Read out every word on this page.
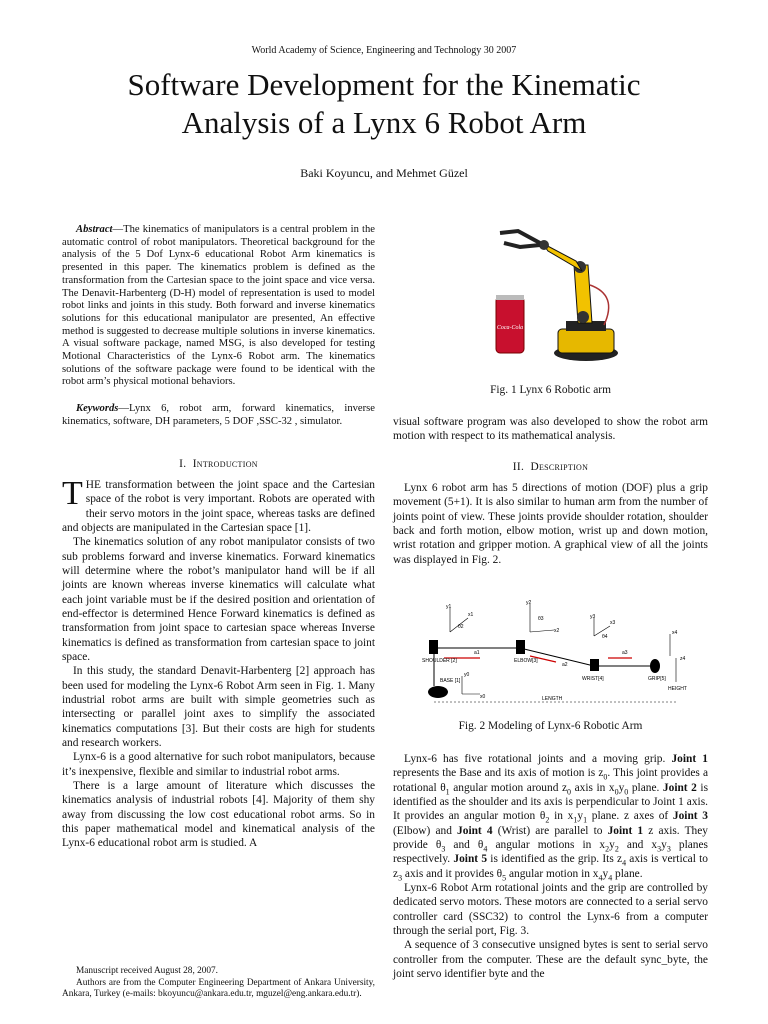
World Academy of Science, Engineering and Technology 30 2007
Software Development for the Kinematic
Analysis of a Lynx 6 Robot Arm
Baki Koyuncu, and Mehmet Güzel

Abstract—The kinematics of manipulators is a central problem in the automatic control of robot manipulators. Theoretical background for the analysis of the 5 Dof Lynx-6 educational Robot Arm kinematics is presented in this paper. The kinematics problem is defined as the transformation from the Cartesian space to the joint space and vice versa. The Denavit-Harbenterg (D-H) model of representation is used to model robot links and joints in this study. Both forward and inverse kinematics solutions for this educational manipulator are presented, An effective method is suggested to decrease multiple solutions in inverse kinematics. A visual software package, named MSG, is also developed for testing Motional Characteristics of the Lynx-6 Robot arm. The kinematics solutions of the software package were found to be identical with the robot arm’s physical motional behaviors.

Keywords—Lynx 6, robot arm, forward kinematics, inverse kinematics, software, DH parameters, 5 DOF ,SSC-32 , simulator.

I. Introduction

THE transformation between the joint space and the Cartesian space of the robot is very important. Robots are operated with their servo motors in the joint space, whereas tasks are defined and objects are manipulated in the Cartesian space [1].

The kinematics solution of any robot manipulator consists of two sub problems forward and inverse kinematics. Forward kinematics will determine where the robot’s manipulator hand will be if all joints are known whereas inverse kinematics will calculate what each joint variable must be if the desired position and orientation of end-effector is determined Hence Forward kinematics is defined as transformation from joint space to cartesian space whereas Inverse kinematics is defined as transformation from cartesian space to joint space.

In this study, the standard Denavit-Harbenterg [2] approach has been used for modeling the Lynx-6 Robot Arm seen in Fig. 1. Many industrial robot arms are built with simple geometries such as intersecting or parallel joint axes to simplify the associated kinematics computations [3]. But their costs are high for students and research workers.

Lynx-6 is a good alternative for such robot manipulators, because it’s inexpensive, flexible and similar to industrial robot arms.

There is a large amount of literature which discusses the kinematics analysis of industrial robots [4]. Majority of them shy away from discussing the low cost educational robot arms. So in this paper mathematical model and kinematical analysis of the Lynx-6 educational robot arm is studied. A

Manuscript received August 28, 2007.

Authors are from the Computer Engineering Department of Ankara University, Ankara, Turkey (e-mails: bkoyuncu@ankara.edu.tr, mguzel@eng.ankara.edu.tr).

Coca-Cola
Fig. 1 Lynx 6 Robotic arm

visual software program was also developed to show the robot arm motion with respect to its mathematical analysis.

II. Description

Lynx 6 robot arm has 5 directions of motion (DOF) plus a grip movement (5+1). It is also similar to human arm from the number of joints point of view. These joints provide shoulder rotation, shoulder back and forth motion, elbow motion, wrist up and down motion, wrist rotation and gripper motion. A graphical view of all the joints was displayed in Fig. 2.

SHOULDER [2]	ELBOW[3]
WRIST[4]	GRIP[5]
BASE [1]
LENGTH
HEIGHT
y1
x1
y2
x2
y3
x3
x4
z4
y0
x0
a1
a2
a3
θ2
θ3
θ4
Fig. 2 Modeling of Lynx-6 Robotic Arm

Lynx-6 has five rotational joints and a moving grip. Joint 1 represents the Base and its axis of motion is $z_0$. This joint provides a rotational $\theta_1$ angular motion around $z_0$ axis in $x_0y_0$ plane. Joint 2 is identified as the shoulder and its axis is perpendicular to Joint 1 axis. It provides an angular motion $\theta_2$ in $x_1y_1$ plane. z axes of Joint 3 (Elbow) and Joint 4 (Wrist) are parallel to Joint 1 z axis. They provide $\theta_3$ and $\theta_4$ angular motions in $x_2y_2$ and $x_3y_3$ planes respectively. Joint 5 is identified as the grip. Its $z_4$ axis is vertical to $z_3$ axis and it provides $\theta_5$ angular motion in $x_4y_4$ plane.

Lynx-6 Robot Arm rotational joints and the grip are controlled by dedicated servo motors. These motors are connected to a serial servo controller card (SSC32) to control the Lynx-6 from a computer through the serial port, Fig. 3.

A sequence of 3 consecutive unsigned bytes is sent to serial servo controller from the computer. These are the default sync_byte, the joint servo identifier byte and the
